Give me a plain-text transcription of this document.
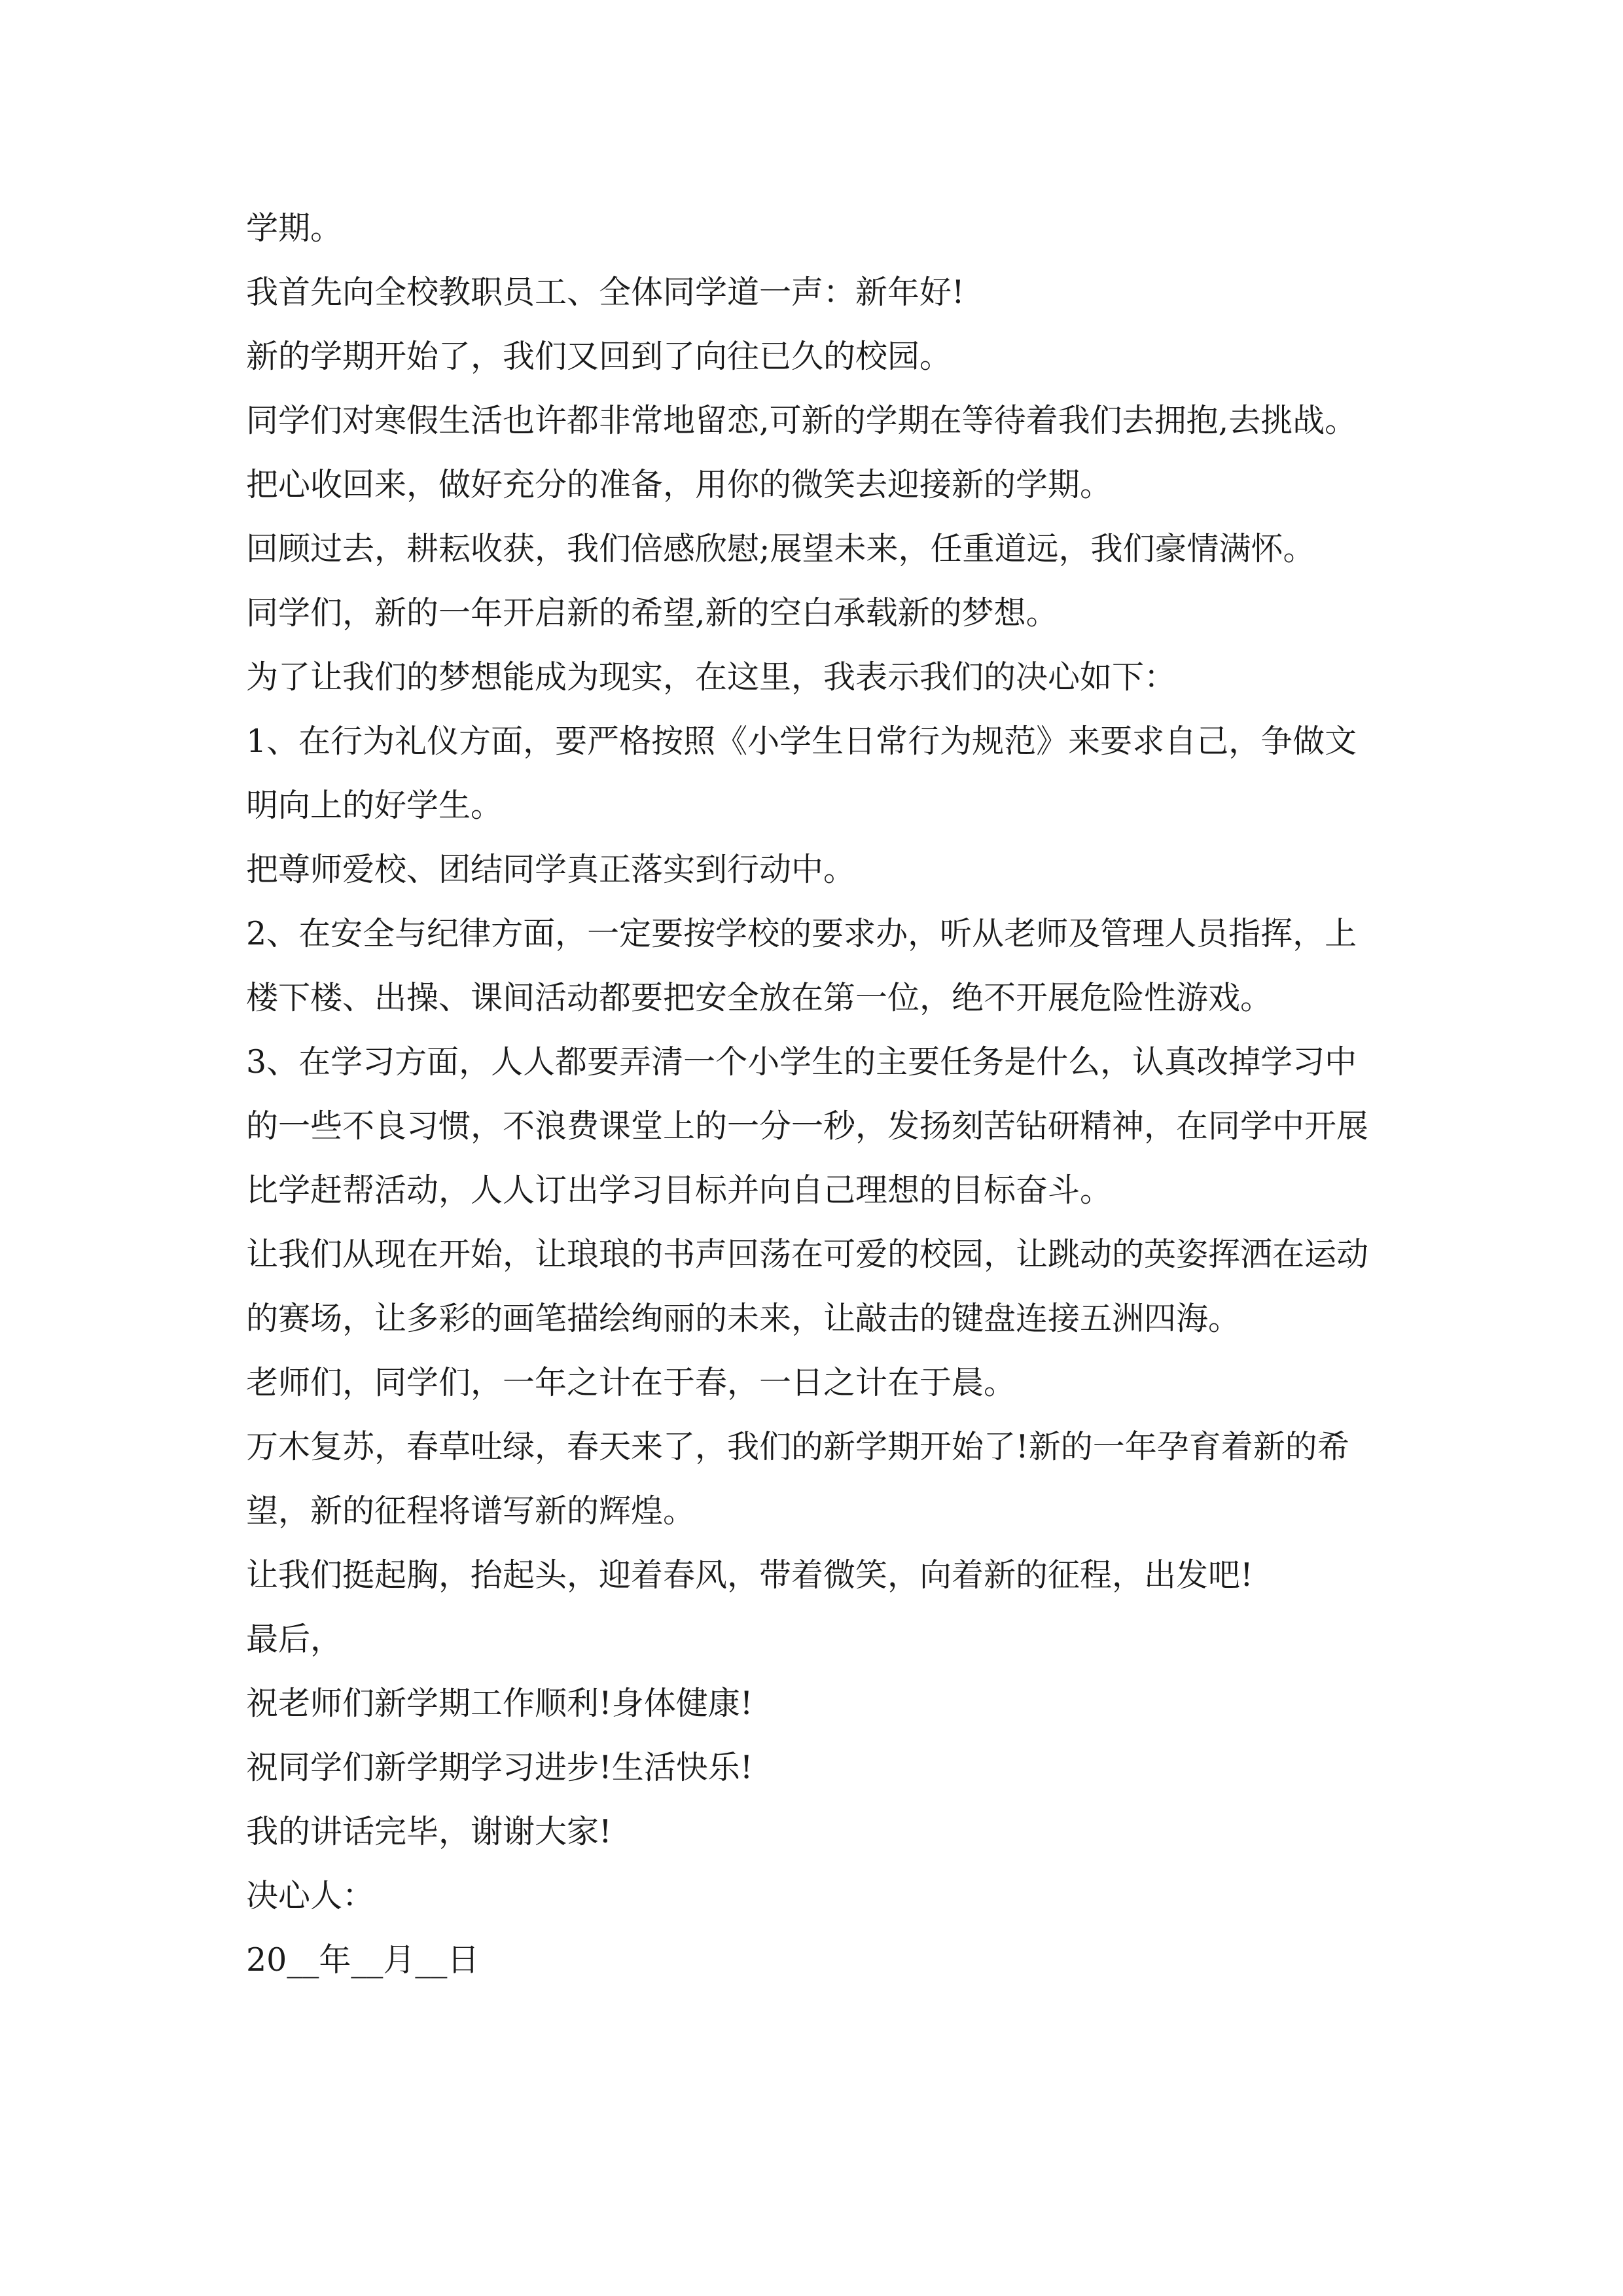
学期。

我首先向全校教职员工、全体同学道一声：新年好!

新的学期开始了，我们又回到了向往已久的校园。

同学们对寒假生活也许都非常地留恋,可新的学期在等待着我们去拥抱,去挑战。

把心收回来，做好充分的准备，用你的微笑去迎接新的学期。

回顾过去，耕耘收获，我们倍感欣慰;展望未来，任重道远，我们豪情满怀。

同学们，新的一年开启新的希望,新的空白承载新的梦想。

为了让我们的梦想能成为现实，在这里，我表示我们的决心如下：

1、在行为礼仪方面，要严格按照《小学生日常行为规范》来要求自己，争做文明向上的好学生。

把尊师爱校、团结同学真正落实到行动中。

2、在安全与纪律方面，一定要按学校的要求办，听从老师及管理人员指挥，上楼下楼、出操、课间活动都要把安全放在第一位，绝不开展危险性游戏。

3、在学习方面，人人都要弄清一个小学生的主要任务是什么，认真改掉学习中的一些不良习惯，不浪费课堂上的一分一秒，发扬刻苦钻研精神，在同学中开展比学赶帮活动，人人订出学习目标并向自己理想的目标奋斗。

让我们从现在开始，让琅琅的书声回荡在可爱的校园，让跳动的英姿挥洒在运动的赛场，让多彩的画笔描绘绚丽的未来，让敲击的键盘连接五洲四海。

老师们，同学们，一年之计在于春，一日之计在于晨。

万木复苏，春草吐绿，春天来了，我们的新学期开始了!新的一年孕育着新的希望，新的征程将谱写新的辉煌。

让我们挺起胸，抬起头，迎着春风，带着微笑，向着新的征程，出发吧!

最后，

祝老师们新学期工作顺利!身体健康!

祝同学们新学期学习进步!生活快乐!

我的讲话完毕，谢谢大家!

决心人：

20__年__月__日
